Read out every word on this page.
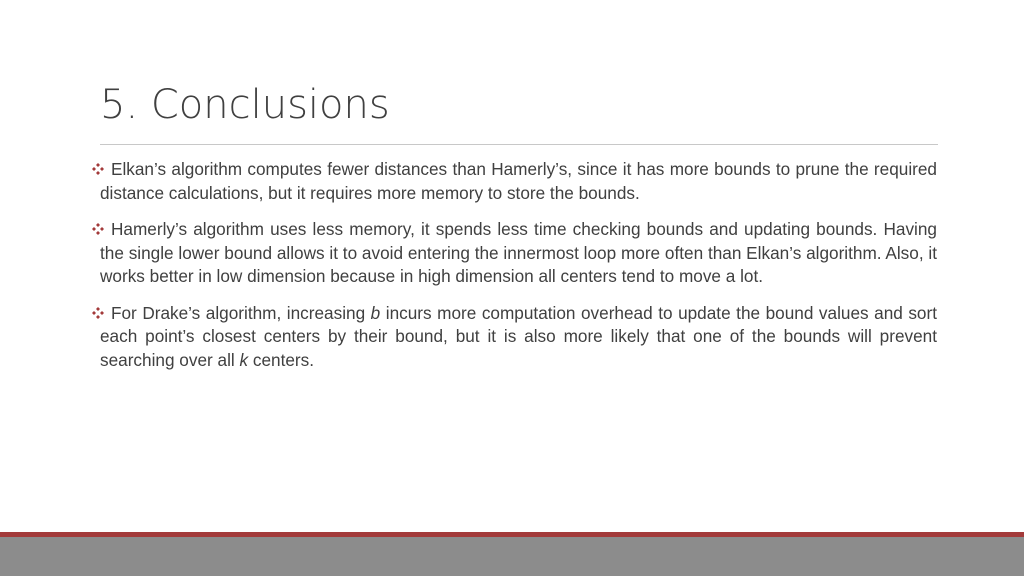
5. Conclusions
Elkan’s algorithm computes fewer distances than Hamerly’s, since it has more bounds to prune the required distance calculations, but it requires more memory to store the bounds.
Hamerly’s algorithm uses less memory, it spends less time checking bounds and updating bounds. Having the single lower bound allows it to avoid entering the innermost loop more often than Elkan’s algorithm. Also, it works better in low dimension because in high dimension all centers tend to move a lot.
For Drake’s algorithm, increasing b incurs more computation overhead to update the bound values and sort each point’s closest centers by their bound, but it is also more likely that one of the bounds will prevent searching over all k centers.
